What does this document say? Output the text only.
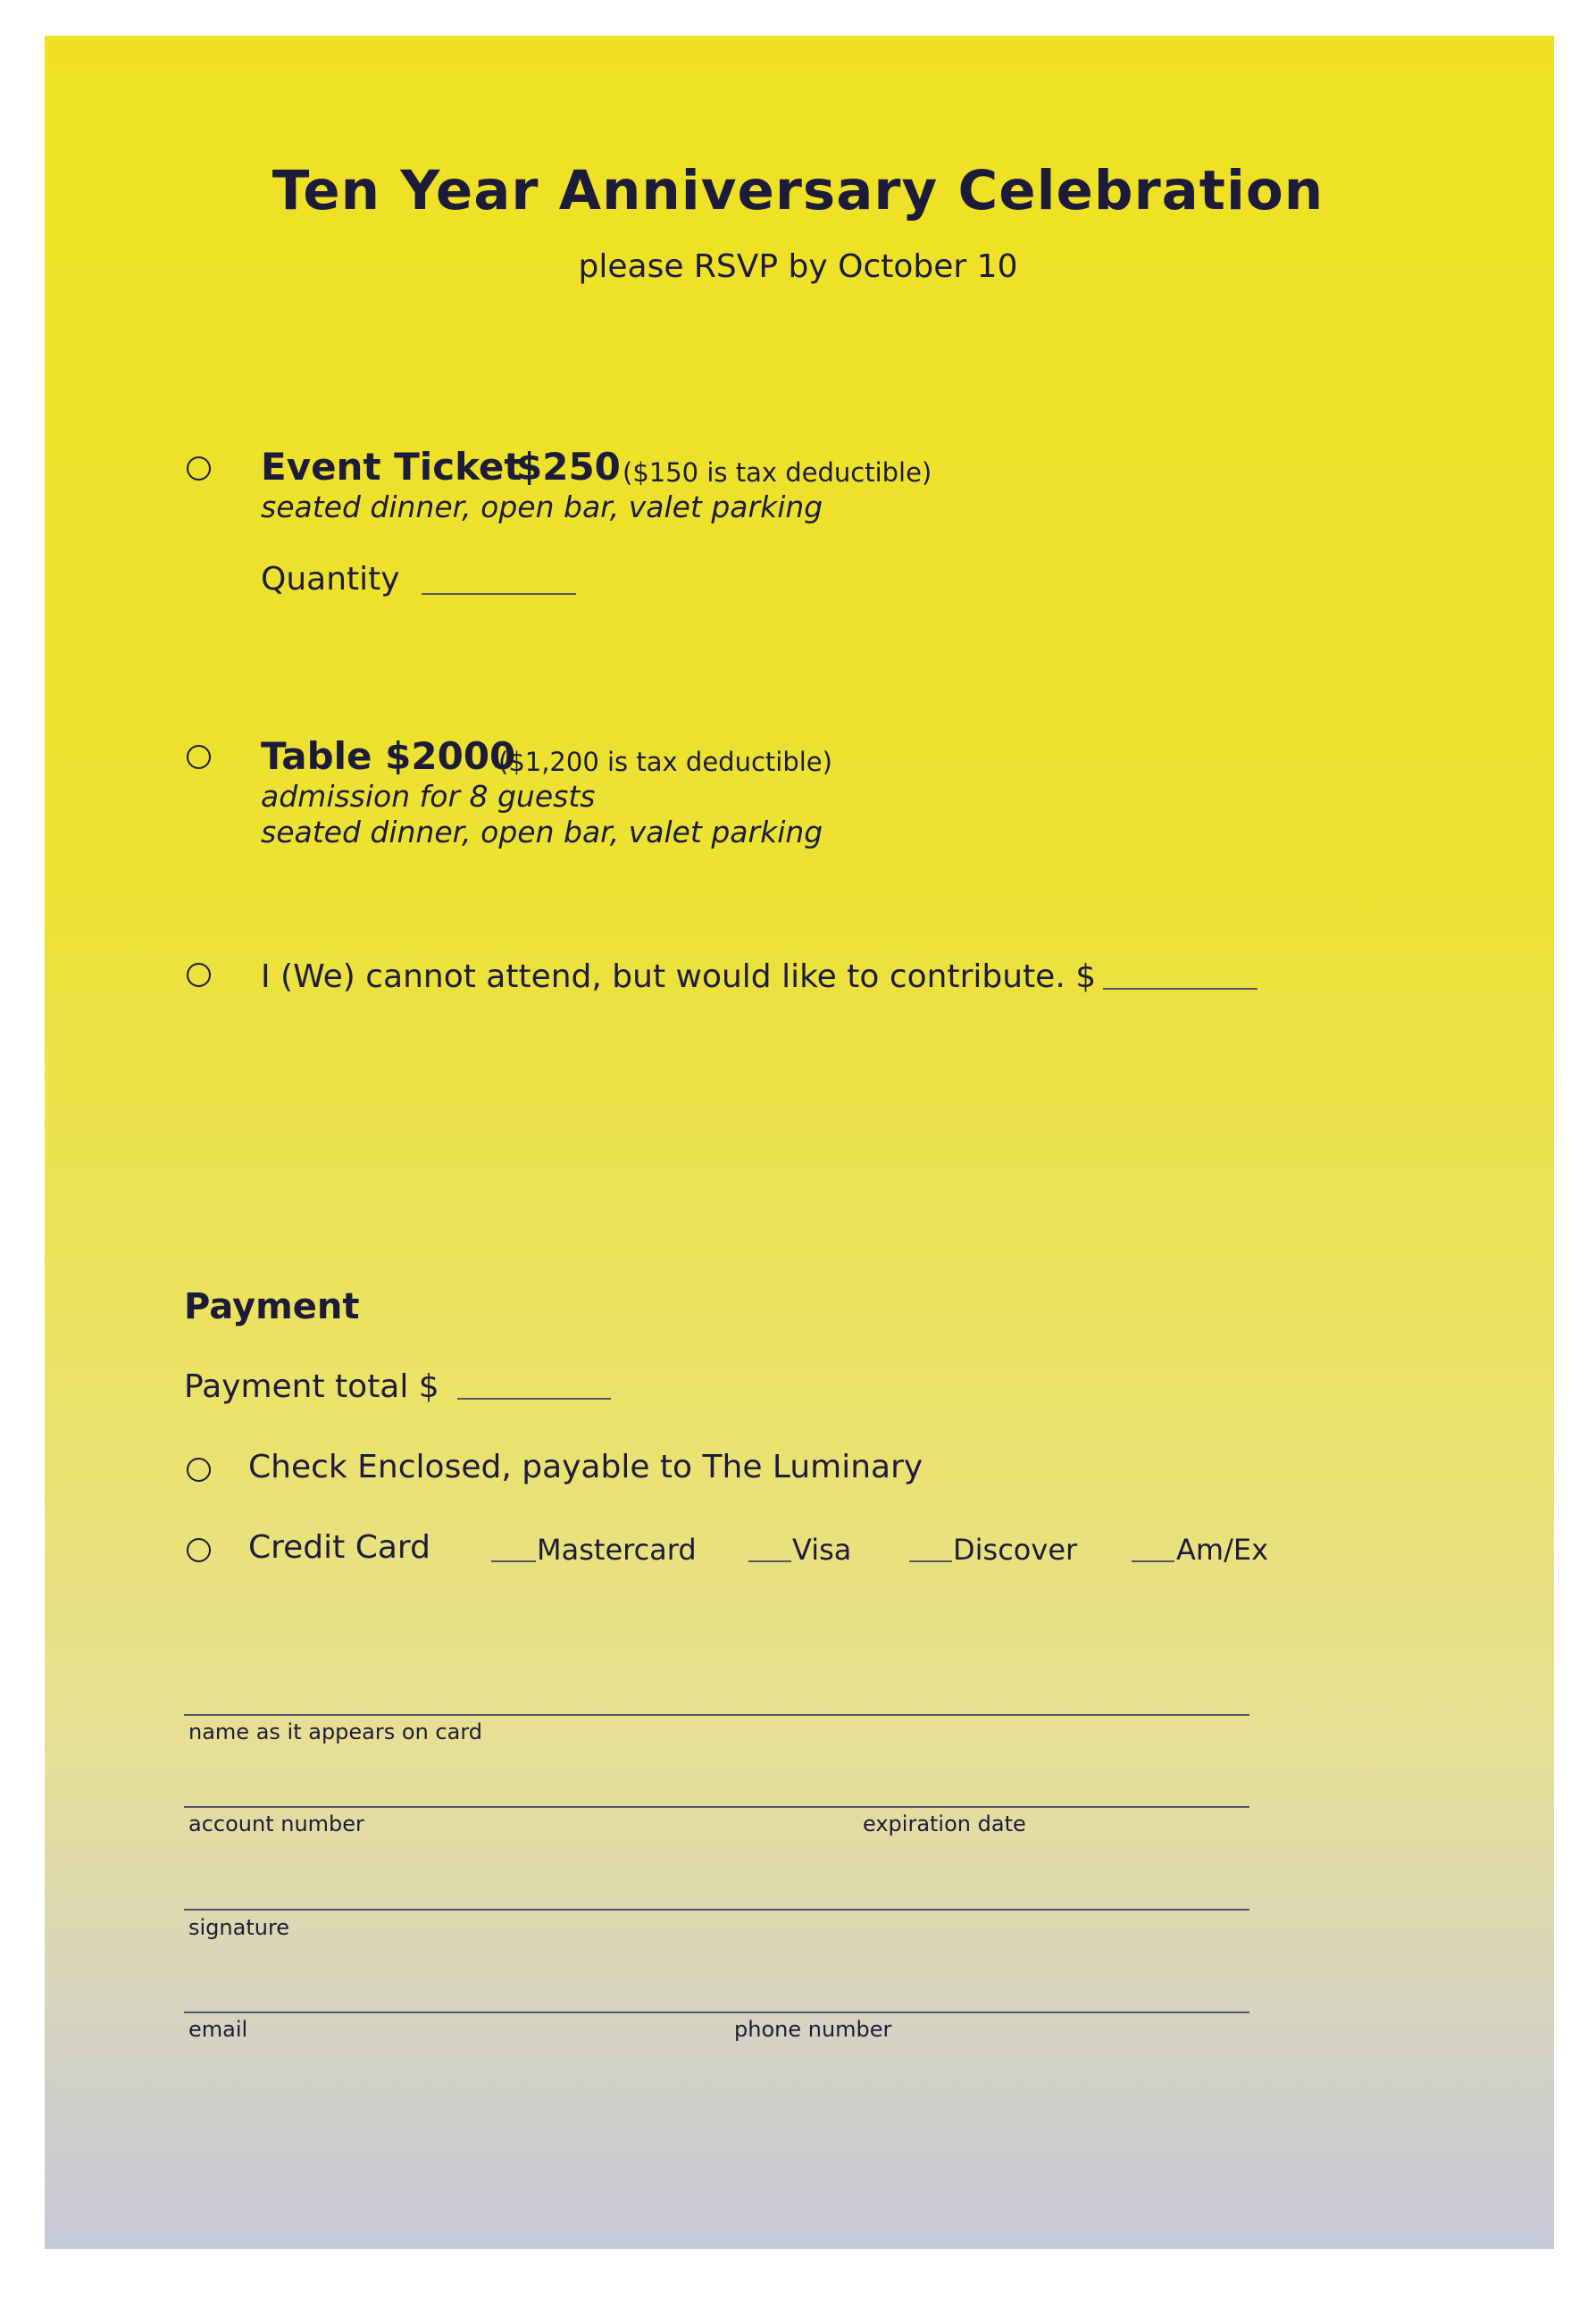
Ten Year Anniversary Celebration
please RSVP by October 10
Event Ticket
$250 ($150 is tax deductible)
seated dinner, open bar, valet parking
Quantity
Table $2000
($1,200 is tax deductible)
admission for 8 guests
seated dinner, open bar, valet parking
I (We) cannot attend, but would like to contribute. $
Payment
Payment total $
Check Enclosed, payable to The Luminary
Credit Card	Mastercard	Visa	Discover	Am/Ex
name as it appears on card
account number	expiration date
signature
email	phone number
